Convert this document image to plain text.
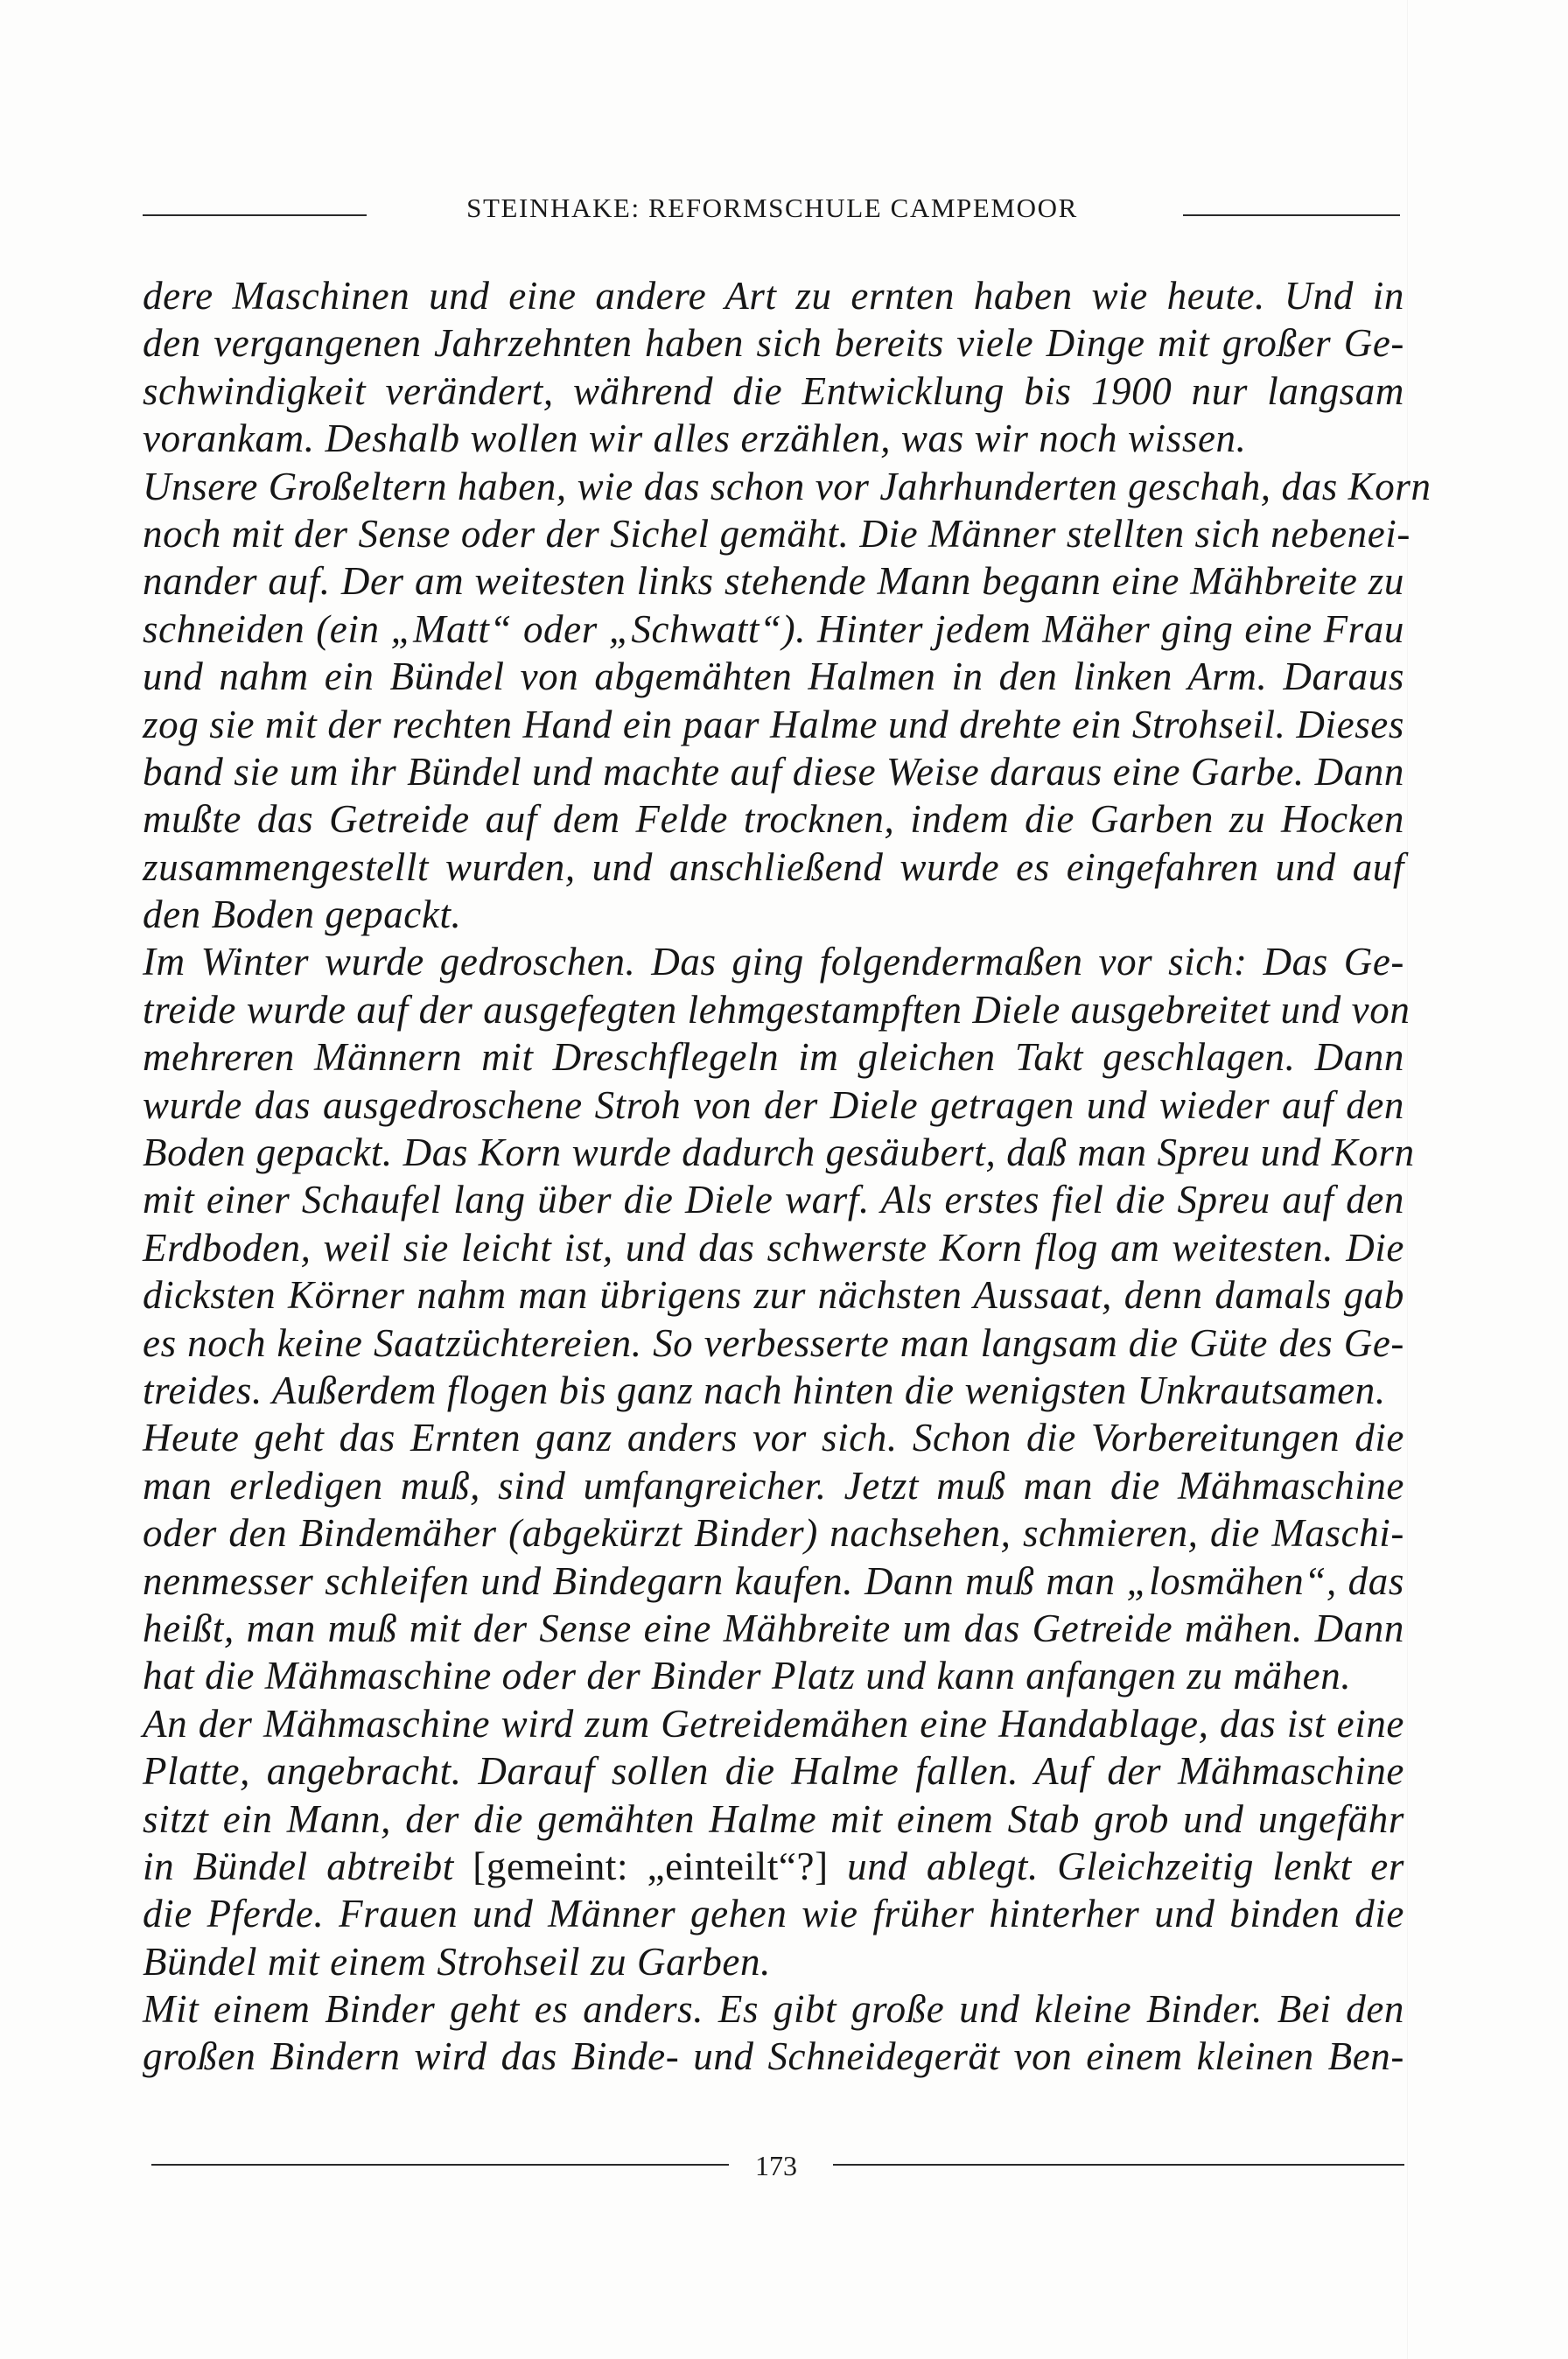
STEINHAKE: REFORMSCHULE CAMPEMOOR
dere Maschinen und eine andere Art zu ernten haben wie heute. Und in
den vergangenen Jahrzehnten haben sich bereits viele Dinge mit großer Ge-
schwindigkeit verändert, während die Entwicklung bis 1900 nur langsam
vorankam. Deshalb wollen wir alles erzählen, was wir noch wissen.
Unsere Großeltern haben, wie das schon vor Jahrhunderten geschah, das Korn
noch mit der Sense oder der Sichel gemäht. Die Männer stellten sich nebenei-
nander auf. Der am weitesten links stehende Mann begann eine Mähbreite zu
schneiden (ein „Matt“ oder „Schwatt“). Hinter jedem Mäher ging eine Frau
und nahm ein Bündel von abgemähten Halmen in den linken Arm. Daraus
zog sie mit der rechten Hand ein paar Halme und drehte ein Strohseil. Dieses
band sie um ihr Bündel und machte auf diese Weise daraus eine Garbe. Dann
mußte das Getreide auf dem Felde trocknen, indem die Garben zu Hocken
zusammengestellt wurden, und anschließend wurde es eingefahren und auf
den Boden gepackt.
Im Winter wurde gedroschen. Das ging folgendermaßen vor sich: Das Ge-
treide wurde auf der ausgefegten lehmgestampften Diele ausgebreitet und von
mehreren Männern mit Dreschflegeln im gleichen Takt geschlagen. Dann
wurde das ausgedroschene Stroh von der Diele getragen und wieder auf den
Boden gepackt. Das Korn wurde dadurch gesäubert, daß man Spreu und Korn
mit einer Schaufel lang über die Diele warf. Als erstes fiel die Spreu auf den
Erdboden, weil sie leicht ist, und das schwerste Korn flog am weitesten. Die
dicksten Körner nahm man übrigens zur nächsten Aussaat, denn damals gab
es noch keine Saatzüchtereien. So verbesserte man langsam die Güte des Ge-
treides. Außerdem flogen bis ganz nach hinten die wenigsten Unkrautsamen.
Heute geht das Ernten ganz anders vor sich. Schon die Vorbereitungen die
man erledigen muß, sind umfangreicher. Jetzt muß man die Mähmaschine
oder den Bindemäher (abgekürzt Binder) nachsehen, schmieren, die Maschi-
nenmesser schleifen und Bindegarn kaufen. Dann muß man „losmähen“, das
heißt, man muß mit der Sense eine Mähbreite um das Getreide mähen. Dann
hat die Mähmaschine oder der Binder Platz und kann anfangen zu mähen.
An der Mähmaschine wird zum Getreidemähen eine Handablage, das ist eine
Platte, angebracht. Darauf sollen die Halme fallen. Auf der Mähmaschine
sitzt ein Mann, der die gemähten Halme mit einem Stab grob und ungefähr
in Bündel abtreibt [gemeint: „einteilt“?] und ablegt. Gleichzeitig lenkt er
die Pferde. Frauen und Männer gehen wie früher hinterher und binden die
Bündel mit einem Strohseil zu Garben.
Mit einem Binder geht es anders. Es gibt große und kleine Binder. Bei den
großen Bindern wird das Binde- und Schneidegerät von einem kleinen Ben-
173
